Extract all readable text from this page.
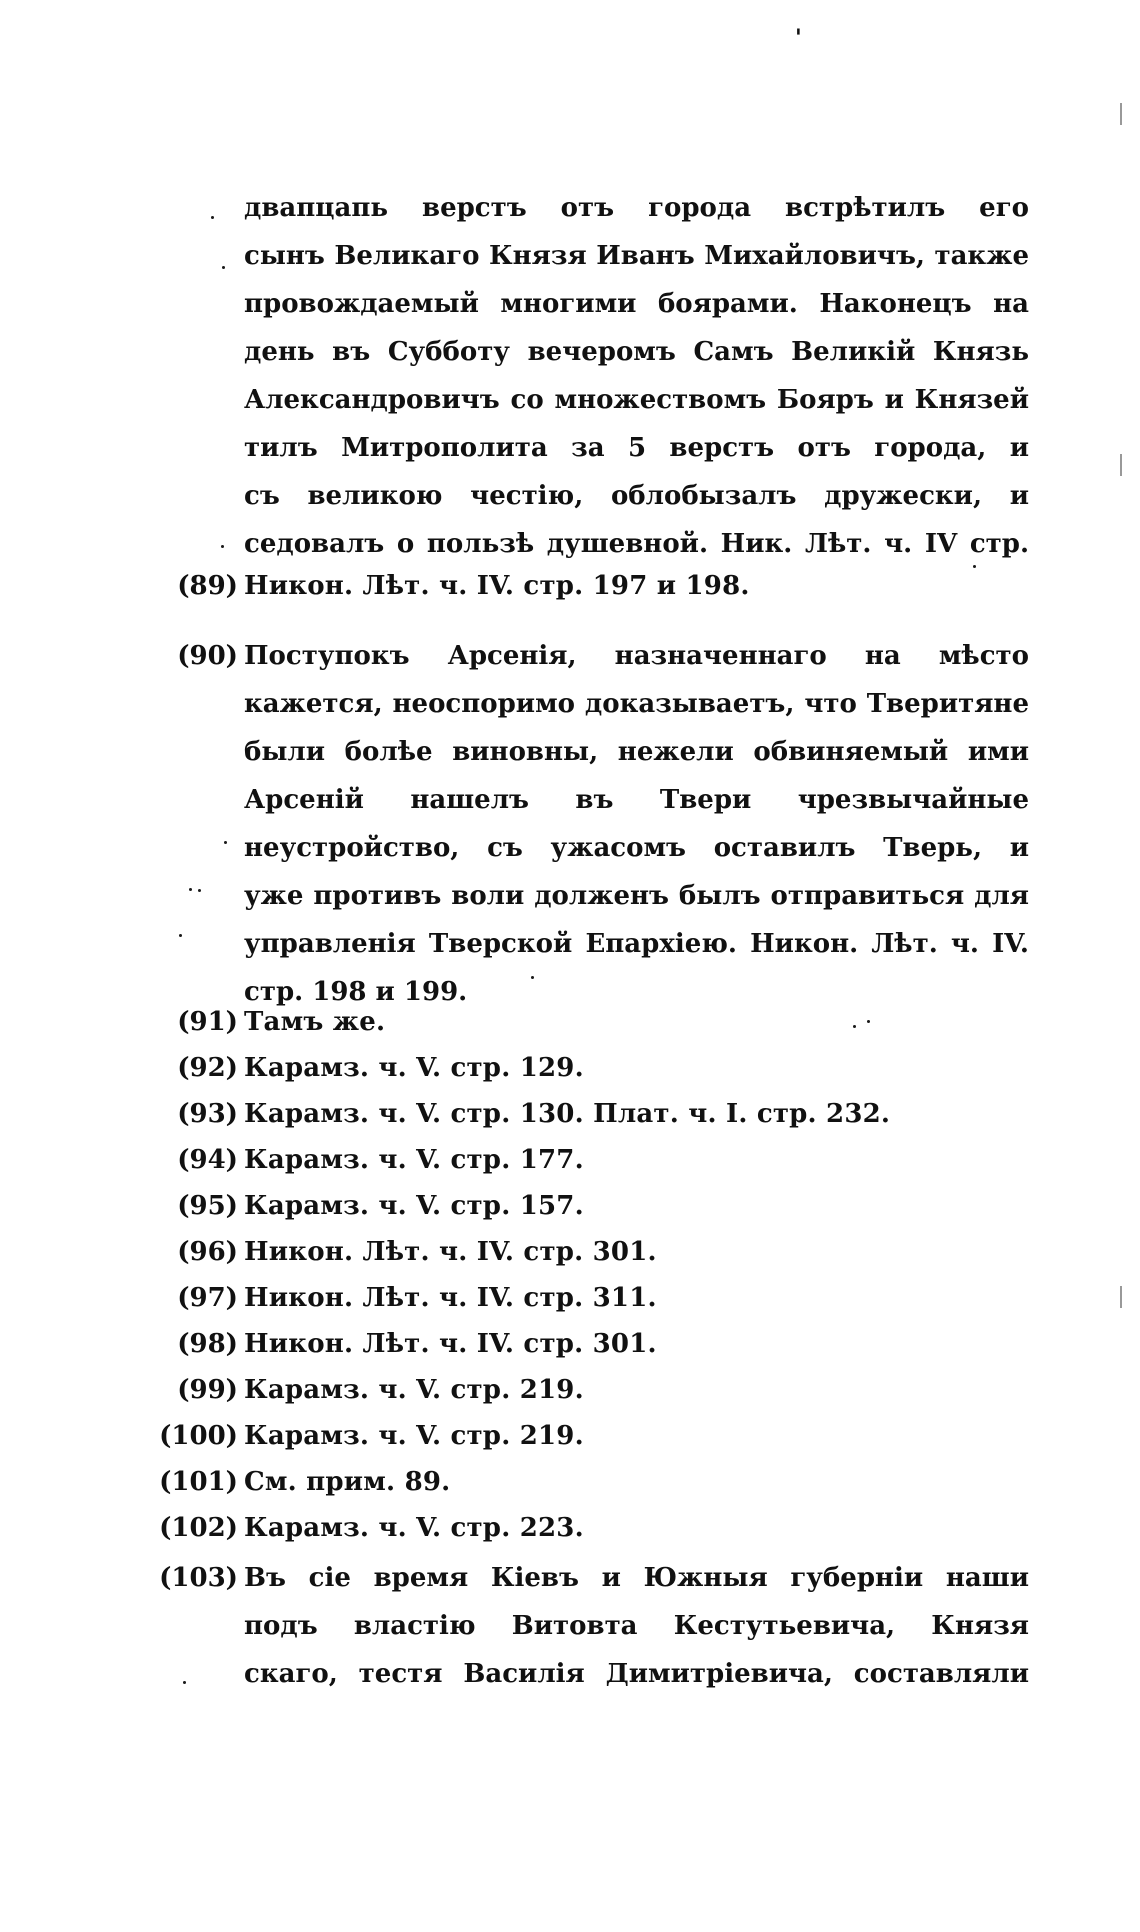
'
двапцапь верстъ отъ города встрѣтилъ его
сынъ Великаго Князя Иванъ Михайловичъ, также
провождаемый многими боярами. Наконецъ на
день въ Субботу вечеромъ Самъ Великій Князь
Александровичъ со множествомъ Бояръ и Князей
тилъ Митрополита за 5 верстъ отъ города, и
съ великою честію, облобызалъ дружески, и
седовалъ о пользѣ душевной. Ник. Лѣт. ч. IV стр.
(89) Никон. Лѣт. ч. IV. стр. 197 и 198.
(90) Поступокъ Арсенія, назначеннаго на мѣсто
кажется, неоспоримо доказываетъ, что Тверитяне
были болѣе виновны, нежели обвиняемый ими
Арсеній нашелъ въ Твери чрезвычайные
неустройство, съ ужасомъ оставилъ Тверь, и
уже противъ воли долженъ былъ отправиться для
управленія Тверской Епархіею. Никон. Лѣт. ч. IV.
стр. 198 и 199.
(91) Тамъ же.
(92) Карамз. ч. V. стр. 129.
(93) Карамз. ч. V. стр. 130. Плат. ч. I. стр. 232.
(94) Карамз. ч. V. стр. 177.
(95) Карамз. ч. V. стр. 157.
(96) Никон. Лѣт. ч. IV. стр. 301.
(97) Никон. Лѣт. ч. IV. стр. 311.
(98) Никон. Лѣт. ч. IV. стр. 301.
(99) Карамз. ч. V. стр. 219.
(100) Карамз. ч. V. стр. 219.
(101) См. прим. 89.
(102) Карамз. ч. V. стр. 223.
(103) Въ сіе время Кіевъ и Южныя губерніи наши
подъ властію Витовта Кестутьевича, Князя
скаго, тестя Василія Димитріевича, составляли
